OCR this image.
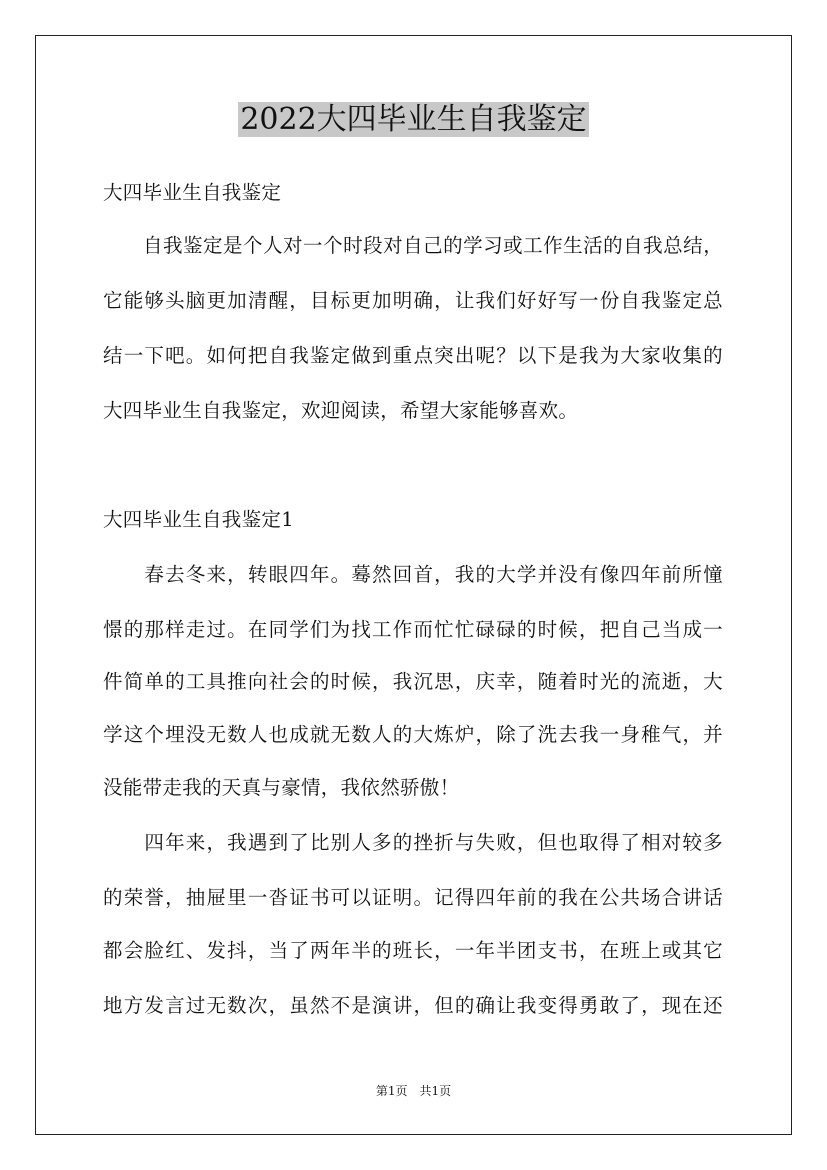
2022大四毕业生自我鉴定
大四毕业生自我鉴定
　　自我鉴定是个人对一个时段对自己的学习或工作生活的自我总结，
它能够头脑更加清醒，目标更加明确，让我们好好写一份自我鉴定总
结一下吧。如何把自我鉴定做到重点突出呢？以下是我为大家收集的
大四毕业生自我鉴定，欢迎阅读，希望大家能够喜欢。
大四毕业生自我鉴定1
　　春去冬来，转眼四年。蓦然回首，我的大学并没有像四年前所憧
憬的那样走过。在同学们为找工作而忙忙碌碌的时候，把自己当成一
件简单的工具推向社会的时候，我沉思，庆幸，随着时光的流逝，大
学这个埋没无数人也成就无数人的大炼炉，除了洗去我一身稚气，并
没能带走我的天真与豪情，我依然骄傲！
　　四年来，我遇到了比别人多的挫折与失败，但也取得了相对较多
的荣誉，抽屉里一沓证书可以证明。记得四年前的我在公共场合讲话
都会脸红、发抖，当了两年半的班长，一年半团支书，在班上或其它
地方发言过无数次，虽然不是演讲，但的确让我变得勇敢了，现在还
第1页　共1页
